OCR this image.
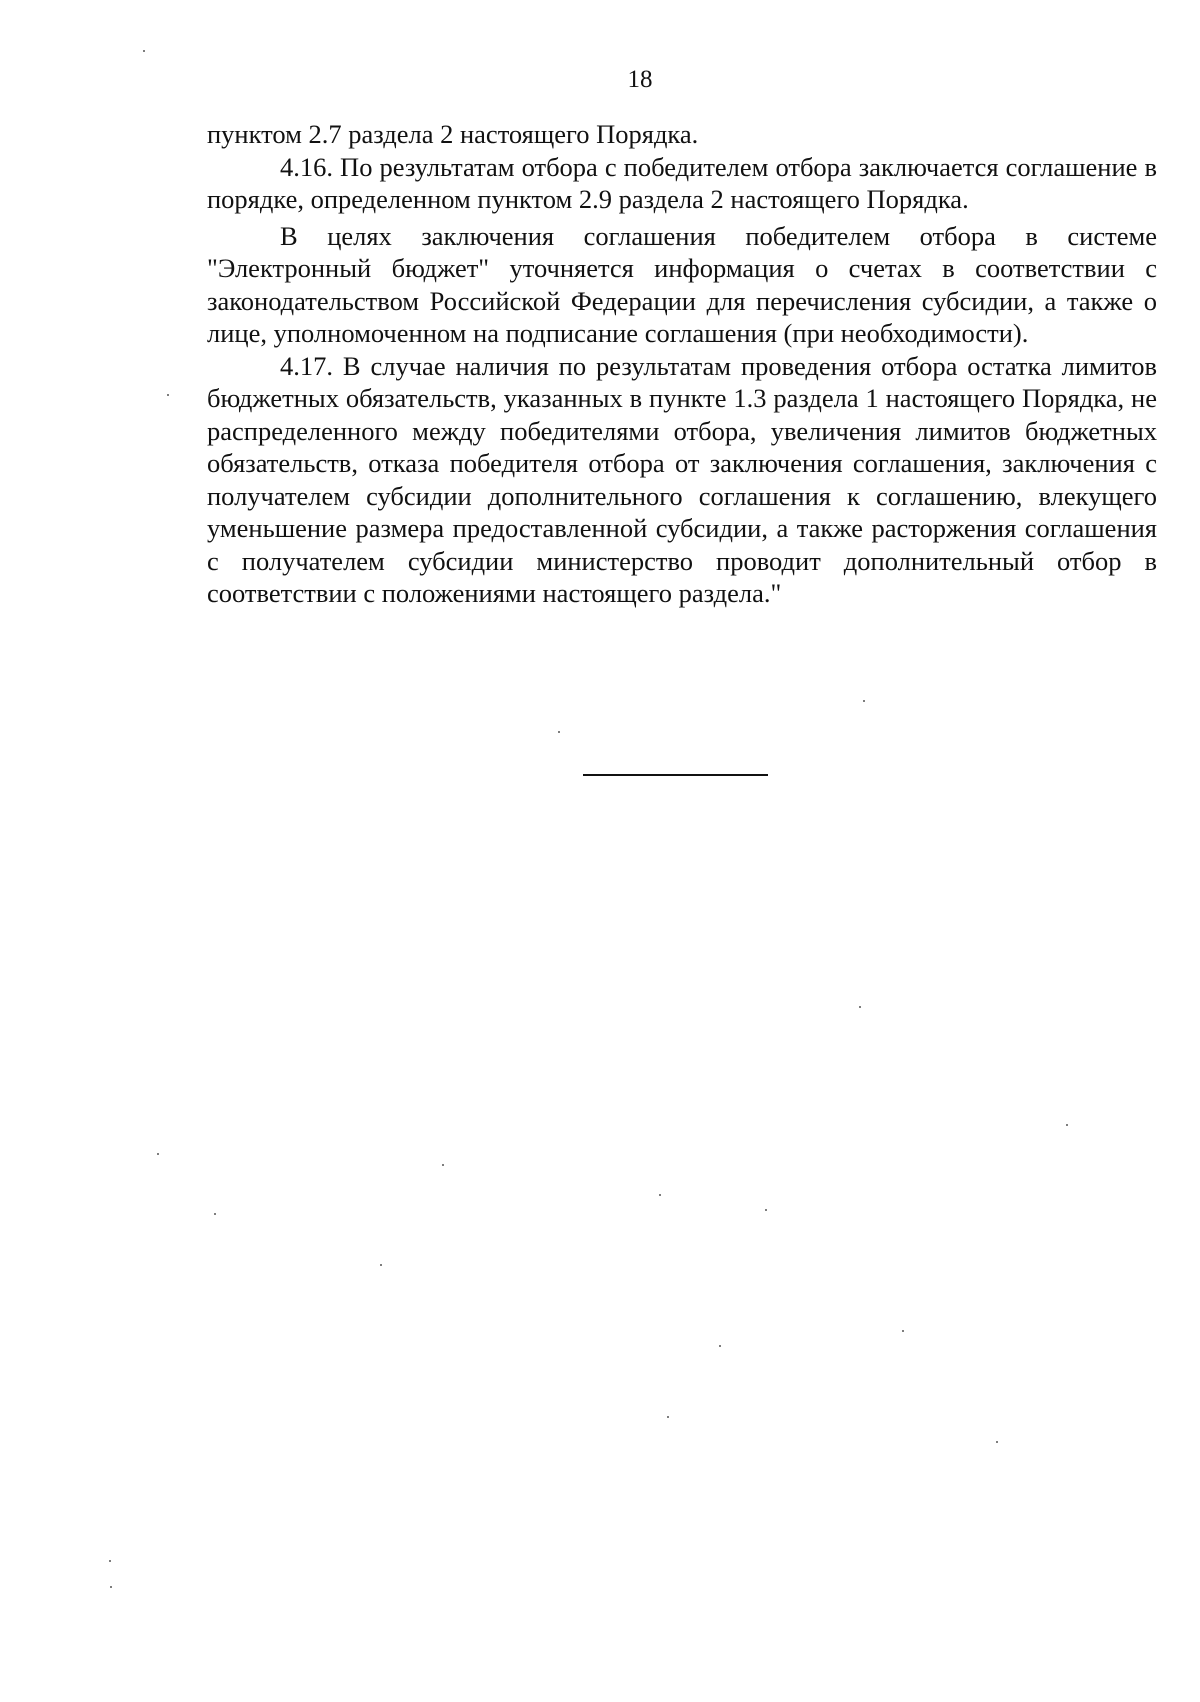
18

пунктом 2.7 раздела 2 настоящего Порядка.

4.16. По результатам отбора с победителем отбора заключается соглашение в порядке, определенном пунктом 2.9 раздела 2 настоящего Порядка.

В целях заключения соглашения победителем отбора в системе "Электронный бюджет" уточняется информация о счетах в соответствии с законодательством Российской Федерации для перечисления субсидии, а также о лице, уполномоченном на подписание соглашения (при необходимости).

4.17. В случае наличия по результатам проведения отбора остатка лимитов бюджетных обязательств, указанных в пункте 1.3 раздела 1 настоящего Порядка, не распределенного между победителями отбора, увеличения лимитов бюджетных обязательств, отказа победителя отбора от заключения соглашения, заключения с получателем субсидии дополнительного соглашения к соглашению, влекущего уменьшение размера предоставленной субсидии, а также расторжения соглашения с получателем субсидии министерство проводит дополнительный отбор в соответствии с положениями настоящего раздела."
